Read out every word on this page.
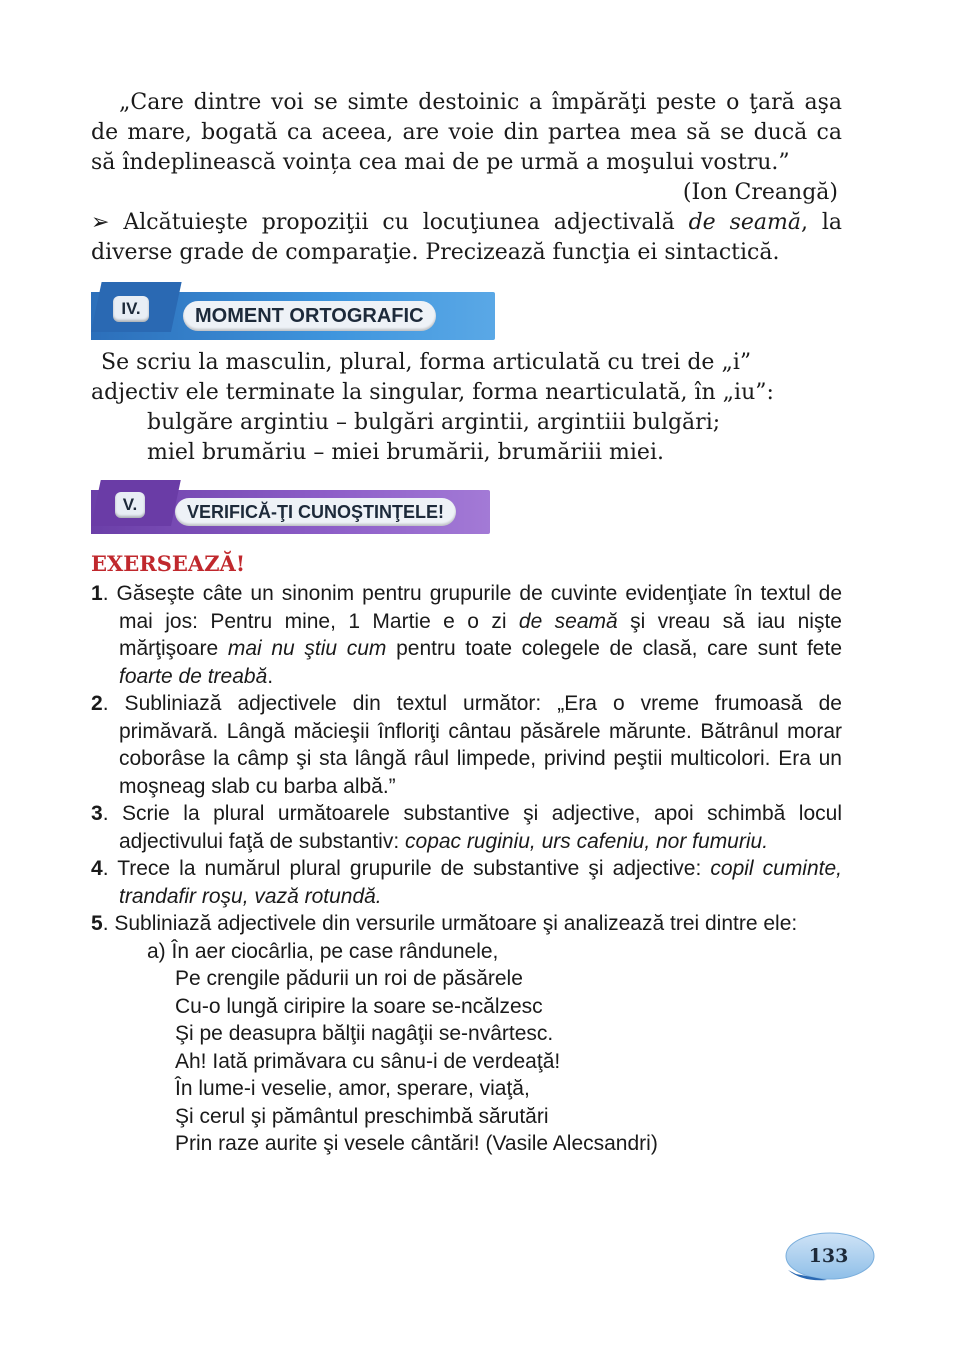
„Care dintre voi se simte destoinic a împărăţi peste o ţară aşa de mare, bogată ca aceea, are voie din partea mea să se ducă ca să îndeplinească voința cea mai de pe urmă a moşului vostru.”

(Ion Creangă)

➢ Alcătuieşte propoziţii cu locuţiunea adjectivală de seamă, la diverse grade de comparaţie. Precizează funcţia ei sintactică.

IV.	MOMENT ORTOGRAFIC

Se scriu la masculin, plural, forma articulată cu trei de „i” adjectiv ele terminate la singular, forma nearticulată, în „iu”:

bulgăre argintiu – bulgări argintii, argintiii bulgări;

miel brumăriu – miei brumării, brumăriii miei.

V.	VERIFICĂ-ŢI CUNOŞTINŢELE!
EXERSEAZĂ!

1. Găseşte câte un sinonim pentru grupurile de cuvinte evidenţiate în textul de mai jos: Pentru mine, 1 Martie e o zi de seamă şi vreau să iau nişte mărţişoare mai nu ştiu cum pentru toate colegele de clasă, care sunt fete foarte de treabă.

2. Subliniază adjectivele din textul următor: „Era o vreme frumoasă de primăvară. Lângă măcieşii înfloriţi cântau păsărele mărunte. Bătrânul morar coborâse la câmp şi sta lângă râul limpede, privind peştii multicolori. Era un moşneag slab cu barba albă.”

3. Scrie la plural următoarele substantive şi adjective, apoi schimbă locul adjectivului faţă de substantiv: copac ruginiu, urs cafeniu, nor fumuriu.

4. Trece la numărul plural grupurile de substantive şi adjective: copil cuminte, trandafir roşu, vază rotundă.

5. Subliniază adjectivele din versurile următoare şi analizează trei dintre ele:

a) În aer ciocârlia, pe case rândunele,
Pe crengile pădurii un roi de păsărele
Cu-o lungă ciripire la soare se-ncălzesc
Şi pe deasupra bălţii nagâţii se-nvârtesc.
Ah! Iată primăvara cu sânu-i de verdeaţă!
În lume-i veselie, amor, sperare, viaţă,
Şi cerul şi pământul preschimbă sărutări
Prin raze aurite şi vesele cântări! (Vasile Alecsandri)
133
